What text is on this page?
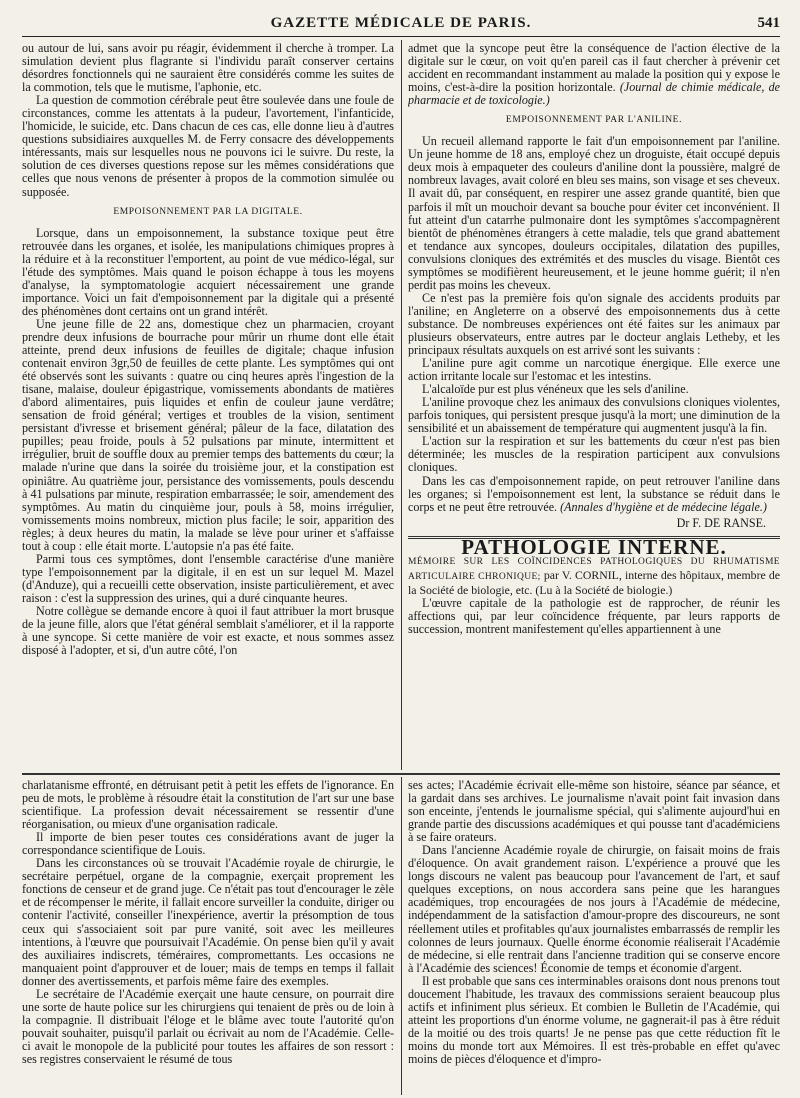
GAZETTE MÉDICALE DE PARIS.	541

ou autour de lui, sans avoir pu réagir, évidemment il cherche à tromper. La simulation devient plus flagrante si l'individu paraît conserver certains désordres fonctionnels qui ne sauraient être considérés comme les suites de la commotion, tels que le mutisme, l'aphonie, etc.

La question de commotion cérébrale peut être soulevée dans une foule de circonstances, comme les attentats à la pudeur, l'avortement, l'infanticide, l'homicide, le suicide, etc. Dans chacun de ces cas, elle donne lieu à d'autres questions subsidiaires auxquelles M. de Ferry consacre des développements intéressants, mais sur lesquelles nous ne pouvons ici le suivre. Du reste, la solution de ces diverses questions repose sur les mêmes considérations que celles que nous venons de présenter à propos de la commotion simulée ou supposée.

EMPOISONNEMENT PAR LA DIGITALE.

Lorsque, dans un empoisonnement, la substance toxique peut être retrouvée dans les organes, et isolée, les manipulations chimiques propres à la réduire et à la reconstituer l'emportent, au point de vue médico-légal, sur l'étude des symptômes. Mais quand le poison échappe à tous les moyens d'analyse, la symptomatologie acquiert nécessairement une grande importance. Voici un fait d'empoisonnement par la digitale qui a présenté des phénomènes dont certains ont un grand intérêt.

Une jeune fille de 22 ans, domestique chez un pharmacien, croyant prendre deux infusions de bourrache pour mûrir un rhume dont elle était atteinte, prend deux infusions de feuilles de digitale; chaque infusion contenait environ 3gr,50 de feuilles de cette plante. Les symptômes qui ont été observés sont les suivants : quatre ou cinq heures après l'ingestion de la tisane, malaise, douleur épigastrique, vomissements abondants de matières d'abord alimentaires, puis liquides et enfin de couleur jaune verdâtre; sensation de froid général; vertiges et troubles de la vision, sentiment persistant d'ivresse et brisement général; pâleur de la face, dilatation des pupilles; peau froide, pouls à 52 pulsations par minute, intermittent et irrégulier, bruit de souffle doux au premier temps des battements du cœur; la malade n'urine que dans la soirée du troisième jour, et la constipation est opiniâtre. Au quatrième jour, persistance des vomissements, pouls descendu à 41 pulsations par minute, respiration embarrassée; le soir, amendement des symptômes. Au matin du cinquième jour, pouls à 58, moins irrégulier, vomissements moins nombreux, miction plus facile; le soir, apparition des règles; à deux heures du matin, la malade se lève pour uriner et s'affaisse tout à coup : elle était morte. L'autopsie n'a pas été faite.

Parmi tous ces symptômes, dont l'ensemble caractérise d'une manière type l'empoisonnement par la digitale, il en est un sur lequel M. Mazel (d'Anduze), qui a recueilli cette observation, insiste particulièrement, et avec raison : c'est la suppression des urines, qui a duré cinquante heures.

Notre collègue se demande encore à quoi il faut attribuer la mort brusque de la jeune fille, alors que l'état général semblait s'améliorer, et il la rapporte à une syncope. Si cette manière de voir est exacte, et nous sommes assez disposé à l'adopter, et si, d'un autre côté, l'on

admet que la syncope peut être la conséquence de l'action élective de la digitale sur le cœur, on voit qu'en pareil cas il faut chercher à prévenir cet accident en recommandant instamment au malade la position qui y expose le moins, c'est-à-dire la position horizontale. (Journal de chimie médicale, de pharmacie et de toxicologie.)

EMPOISONNEMENT PAR L'ANILINE.

Un recueil allemand rapporte le fait d'un empoisonnement par l'aniline. Un jeune homme de 18 ans, employé chez un droguiste, était occupé depuis deux mois à empaqueter des couleurs d'aniline dont la poussière, malgré de nombreux lavages, avait coloré en bleu ses mains, son visage et ses cheveux. Il avait dû, par conséquent, en respirer une assez grande quantité, bien que parfois il mît un mouchoir devant sa bouche pour éviter cet inconvénient. Il fut atteint d'un catarrhe pulmonaire dont les symptômes s'accompagnèrent bientôt de phénomènes étrangers à cette maladie, tels que grand abattement et tendance aux syncopes, douleurs occipitales, dilatation des pupilles, convulsions cloniques des extrémités et des muscles du visage. Bientôt ces symptômes se modifièrent heureusement, et le jeune homme guérit; il n'en perdit pas moins les cheveux.

Ce n'est pas la première fois qu'on signale des accidents produits par l'aniline; en Angleterre on a observé des empoisonnements dus à cette substance. De nombreuses expériences ont été faites sur les animaux par plusieurs observateurs, entre autres par le docteur anglais Letheby, et les principaux résultats auxquels on est arrivé sont les suivants :

L'aniline pure agit comme un narcotique énergique. Elle exerce une action irritante locale sur l'estomac et les intestins.

L'alcaloïde pur est plus vénéneux que les sels d'aniline.

L'aniline provoque chez les animaux des convulsions cloniques violentes, parfois toniques, qui persistent presque jusqu'à la mort; une diminution de la sensibilité et un abaissement de température qui augmentent jusqu'à la fin.

L'action sur la respiration et sur les battements du cœur n'est pas bien déterminée; les muscles de la respiration participent aux convulsions cloniques.

Dans les cas d'empoisonnement rapide, on peut retrouver l'aniline dans les organes; si l'empoisonnement est lent, la substance se réduit dans le corps et ne peut être retrouvée. (Annales d'hygiène et de médecine légale.)

Dr F. DE RANSE.

PATHOLOGIE INTERNE.

MÉMOIRE SUR LES COÏNCIDENCES PATHOLOGIQUES DU RHUMATISME ARTICULAIRE CHRONIQUE; par V. CORNIL, interne des hôpitaux, membre de la Société de biologie, etc. (Lu à la Société de biologie.)

L'œuvre capitale de la pathologie est de rapprocher, de réunir les affections qui, par leur coïncidence fréquente, par leurs rapports de succession, montrent manifestement qu'elles appartiennent à une

charlatanisme effronté, en détruisant petit à petit les effets de l'ignorance. En peu de mots, le problème à résoudre était la constitution de l'art sur une base scientifique. La profession devait nécessairement se ressentir d'une réorganisation, ou mieux d'une organisation radicale.

Il importe de bien peser toutes ces considérations avant de juger la correspondance scientifique de Louis.

Dans les circonstances où se trouvait l'Académie royale de chirurgie, le secrétaire perpétuel, organe de la compagnie, exerçait proprement les fonctions de censeur et de grand juge. Ce n'était pas tout d'encourager le zèle et de récompenser le mérite, il fallait encore surveiller la conduite, diriger ou contenir l'activité, conseiller l'inexpérience, avertir la présomption de tous ceux qui s'associaient soit par pure vanité, soit avec les meilleures intentions, à l'œuvre que poursuivait l'Académie. On pense bien qu'il y avait des auxiliaires indiscrets, téméraires, compromettants. Les occasions ne manquaient point d'approuver et de louer; mais de temps en temps il fallait donner des avertissements, et parfois même faire des exemples.

Le secrétaire de l'Académie exerçait une haute censure, on pourrait dire une sorte de haute police sur les chirurgiens qui tenaient de près ou de loin à la compagnie. Il distribuait l'éloge et le blâme avec toute l'autorité qu'on pouvait souhaiter, puisqu'il parlait ou écrivait au nom de l'Académie. Celle-ci avait le monopole de la publicité pour toutes les affaires de son ressort : ses registres conservaient le résumé de tous

ses actes; l'Académie écrivait elle-même son histoire, séance par séance, et la gardait dans ses archives. Le journalisme n'avait point fait invasion dans son enceinte, j'entends le journalisme spécial, qui s'alimente aujourd'hui en grande partie des discussions académiques et qui pousse tant d'académiciens à se faire orateurs.

Dans l'ancienne Académie royale de chirurgie, on faisait moins de frais d'éloquence. On avait grandement raison. L'expérience a prouvé que les longs discours ne valent pas beaucoup pour l'avancement de l'art, et sauf quelques exceptions, on nous accordera sans peine que les harangues académiques, trop encouragées de nos jours à l'Académie de médecine, indépendamment de la satisfaction d'amour-propre des discoureurs, ne sont réellement utiles et profitables qu'aux journalistes embarrassés de remplir les colonnes de leurs journaux. Quelle énorme économie réaliserait l'Académie de médecine, si elle rentrait dans l'ancienne tradition qui se conserve encore à l'Académie des sciences! Économie de temps et économie d'argent.

Il est probable que sans ces interminables oraisons dont nous prenons tout doucement l'habitude, les travaux des commissions seraient beaucoup plus actifs et infiniment plus sérieux. Et combien le Bulletin de l'Académie, qui atteint les proportions d'un énorme volume, ne gagnerait-il pas à être réduit de la moitié ou des trois quarts! Je ne pense pas que cette réduction fît le moins du monde tort aux Mémoires. Il est très-probable en effet qu'avec moins de pièces d'éloquence et d'impro-
